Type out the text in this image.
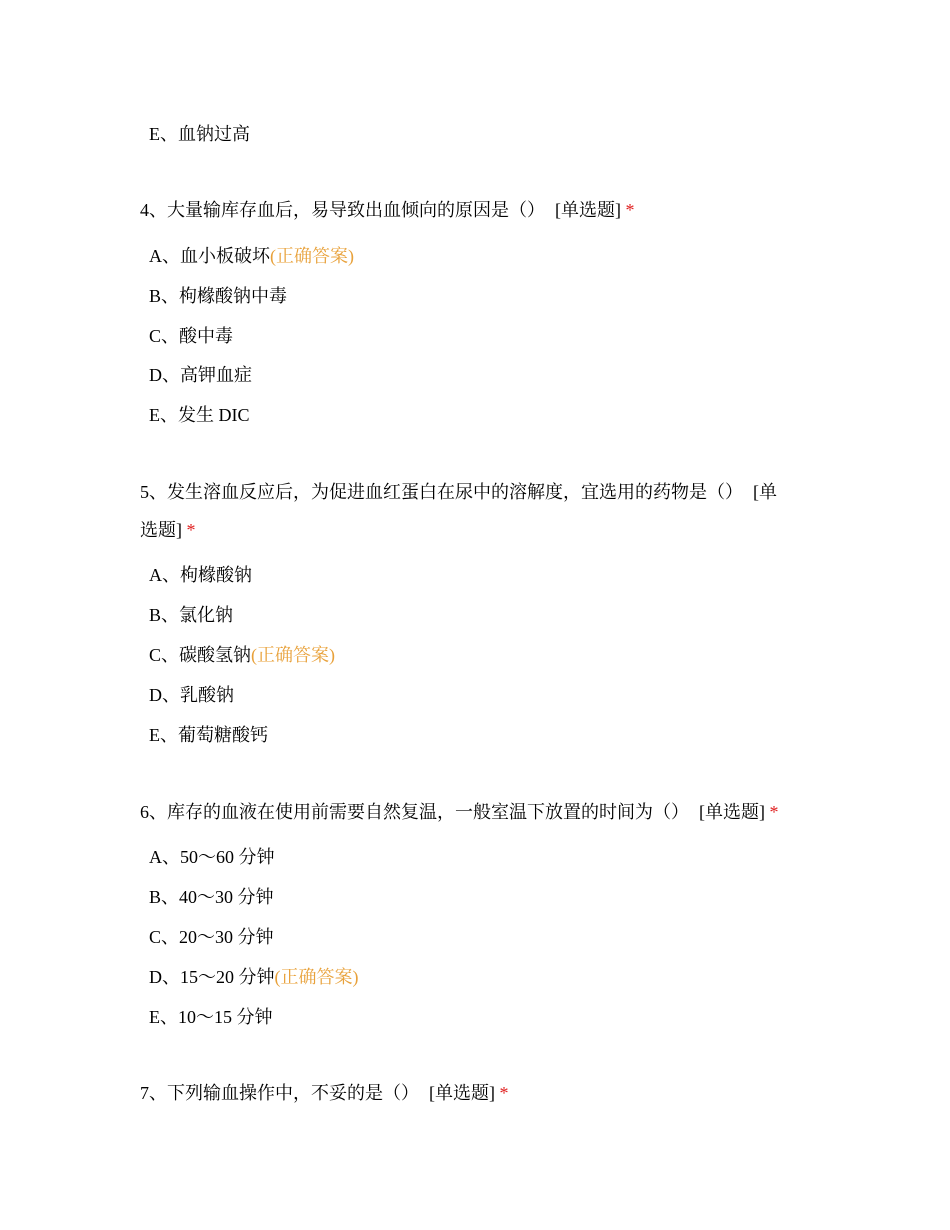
E、血钠过高
4、大量输库存血后，易导致出血倾向的原因是（） [单选题] *
A、血小板破坏(正确答案)
B、枸橼酸钠中毒
C、酸中毒
D、高钾血症
E、发生 DIC
5、发生溶血反应后，为促进血红蛋白在尿中的溶解度，宜选用的药物是（） [单
选题] *
A、枸橼酸钠
B、氯化钠
C、碳酸氢钠(正确答案)
D、乳酸钠
E、葡萄糖酸钙
6、库存的血液在使用前需要自然复温，一般室温下放置的时间为（） [单选题] *
A、50～60 分钟
B、40～30 分钟
C、20～30 分钟
D、15～20 分钟(正确答案)
E、10～15 分钟
7、下列输血操作中，不妥的是（） [单选题] *
